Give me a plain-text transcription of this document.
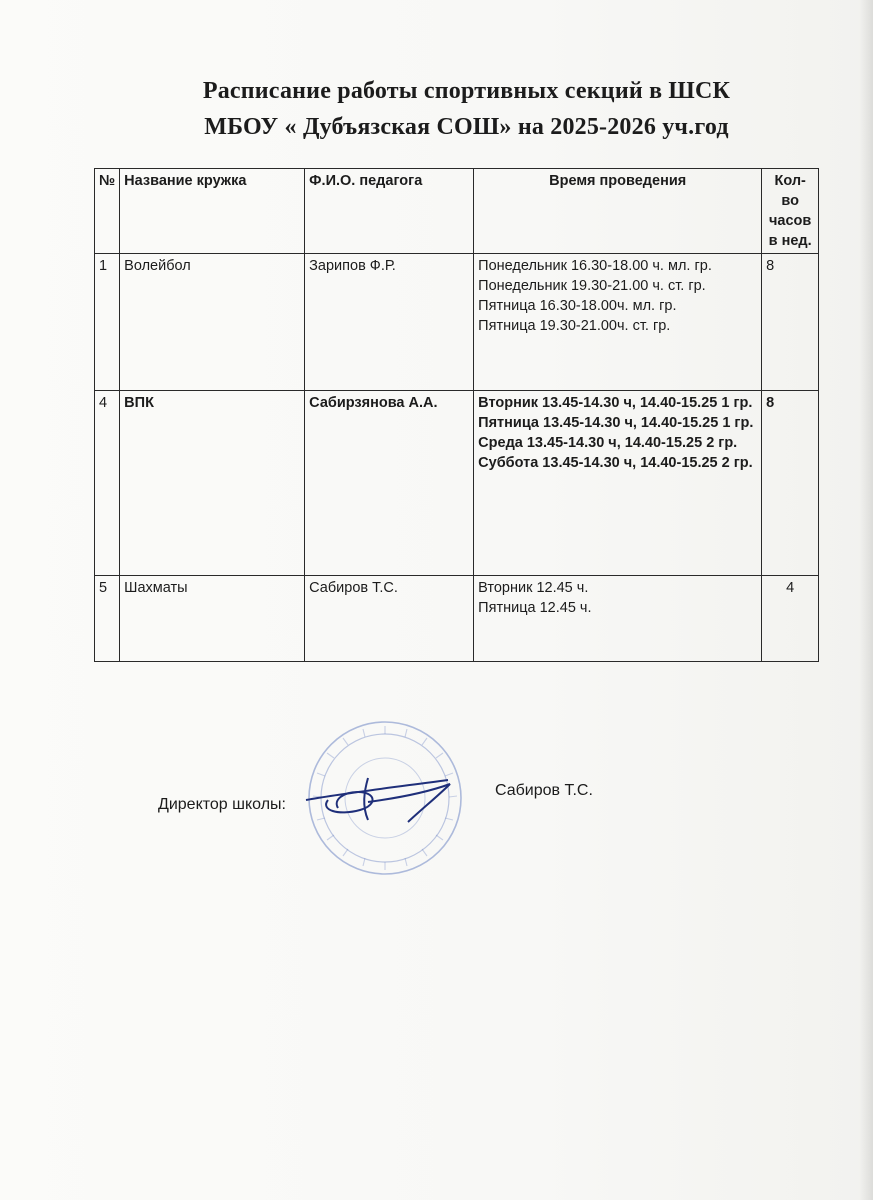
Расписание работы спортивных секций в ШСК
МБОУ « Дубъязская СОШ» на 2025-2026 уч.год
№	Название кружка	Ф.И.О. педагога	Время проведения	Кол-во часов в нед.
1	Волейбол	Зарипов Ф.Р.	Понедельник 16.30-18.00 ч. мл. гр.
Понедельник 19.30-21.00 ч. ст. гр.
Пятница 16.30-18.00ч. мл. гр.
Пятница 19.30-21.00ч. ст. гр.	8
4	ВПК	Сабирзянова А.А.	Вторник 13.45-14.30 ч, 14.40-15.25 1 гр.
Пятница 13.45-14.30 ч, 14.40-15.25 1 гр.
Среда 13.45-14.30 ч, 14.40-15.25 2 гр.
Суббота 13.45-14.30 ч, 14.40-15.25 2 гр.	8
5	Шахматы	Сабиров Т.С.	Вторник 12.45 ч.
Пятница 12.45 ч.	4
Директор школы:
Сабиров Т.С.
